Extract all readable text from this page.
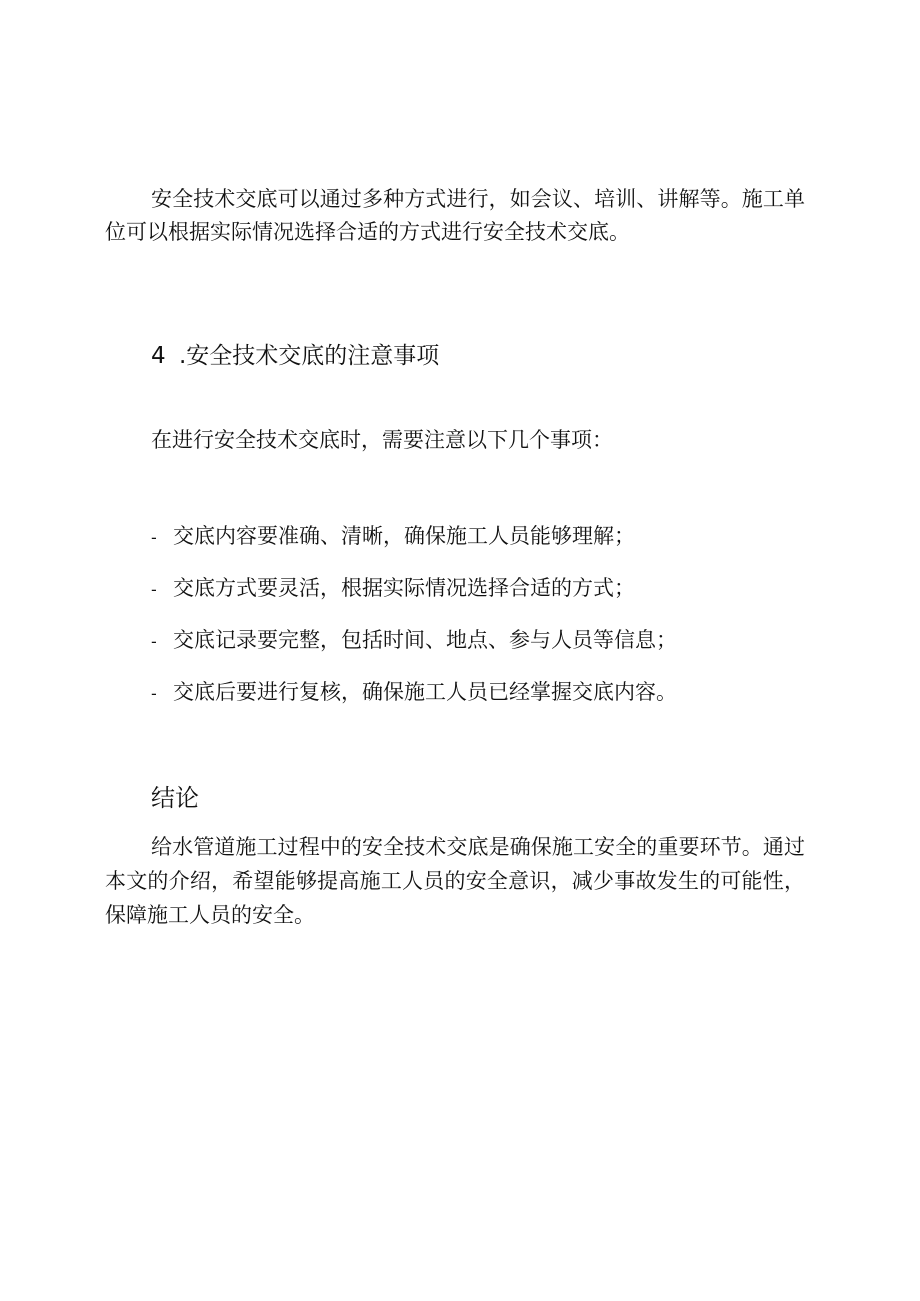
安全技术交底可以通过多种方式进行，如会议、培训、讲解等。施工单位可以根据实际情况选择合适的方式进行安全技术交底。

4 .安全技术交底的注意事项

在进行安全技术交底时，需要注意以下几个事项：

- 交底内容要准确、清晰，确保施工人员能够理解；
- 交底方式要灵活，根据实际情况选择合适的方式；
- 交底记录要完整，包括时间、地点、参与人员等信息；
- 交底后要进行复核，确保施工人员已经掌握交底内容。
结论

给水管道施工过程中的安全技术交底是确保施工安全的重要环节。通过本文的介绍，希望能够提高施工人员的安全意识，减少事故发生的可能性，保障施工人员的安全。
